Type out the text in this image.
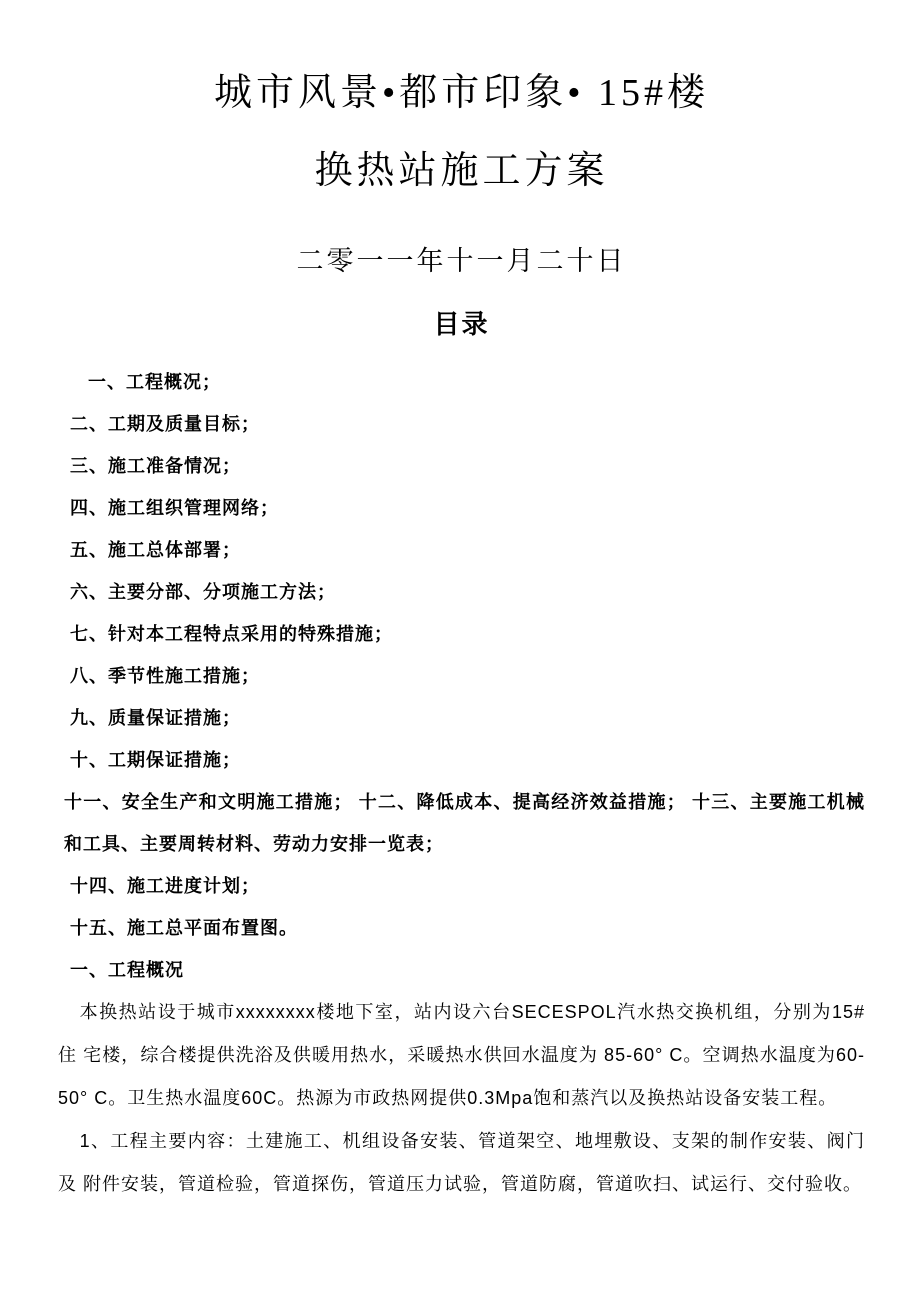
城市风景•都市印象• 15#楼
换热站施工方案
二零一一年十一月二十日
目录
一、工程概况；
二、工期及质量目标；
三、施工准备情况；
四、施工组织管理网络；
五、施工总体部署；
六、主要分部、分项施工方法；
七、针对本工程特点采用的特殊措施；
八、季节性施工措施；
九、质量保证措施；
十、工期保证措施；
十一、安全生产和文明施工措施； 十二、降低成本、提高经济效益措施； 十三、主要施工机械和工具、主要周转材料、劳动力安排一览表；
十四、施工进度计划；
十五、施工总平面布置图。
一、工程概况

本换热站设于城市xxxxxxxx楼地下室，站内设六台SECESPOL汽水热交换机组，分别为15#住 宅楼，综合楼提供洗浴及供暖用热水，采暖热水供回水温度为 85-60° C。空调热水温度为60- 50° C。卫生热水温度60C。热源为市政热网提供0.3Mpa饱和蒸汽以及换热站设备安装工程。

1、工程主要内容：土建施工、机组设备安装、管道架空、地埋敷设、支架的制作安装、阀门及 附件安装，管道检验，管道探伤，管道压力试验，管道防腐，管道吹扫、试运行、交付验收。
